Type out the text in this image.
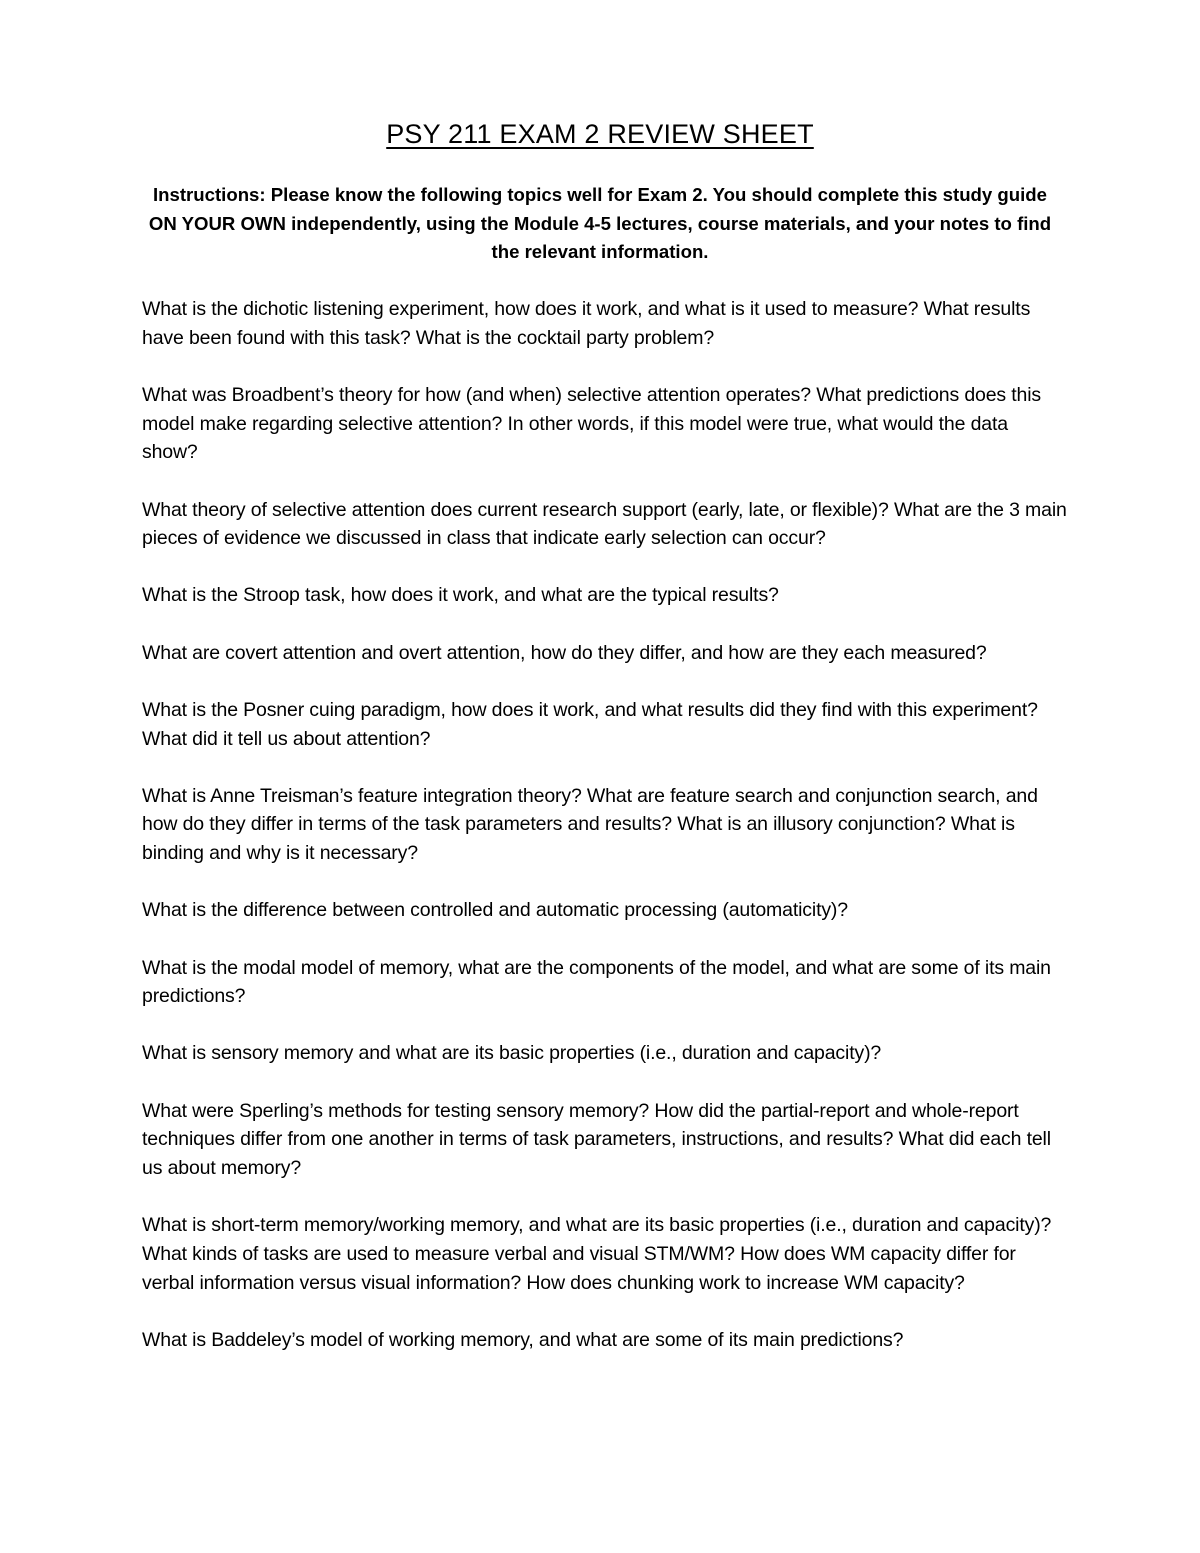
PSY 211 EXAM 2 REVIEW SHEET
Instructions: Please know the following topics well for Exam 2. You should complete this study guide ON YOUR OWN independently, using the Module 4-5 lectures, course materials, and your notes to find the relevant information.

What is the dichotic listening experiment, how does it work, and what is it used to measure? What results have been found with this task? What is the cocktail party problem?

What was Broadbent’s theory for how (and when) selective attention operates? What predictions does this model make regarding selective attention? In other words, if this model were true, what would the data show?

What theory of selective attention does current research support (early, late, or flexible)? What are the 3 main pieces of evidence we discussed in class that indicate early selection can occur?

What is the Stroop task, how does it work, and what are the typical results?

What are covert attention and overt attention, how do they differ, and how are they each measured?

What is the Posner cuing paradigm, how does it work, and what results did they find with this experiment? What did it tell us about attention?

What is Anne Treisman’s feature integration theory? What are feature search and conjunction search, and how do they differ in terms of the task parameters and results? What is an illusory conjunction? What is binding and why is it necessary?

What is the difference between controlled and automatic processing (automaticity)?

What is the modal model of memory, what are the components of the model, and what are some of its main predictions?

What is sensory memory and what are its basic properties (i.e., duration and capacity)?

What were Sperling’s methods for testing sensory memory? How did the partial-report and whole-report techniques differ from one another in terms of task parameters, instructions, and results? What did each tell us about memory?

What is short-term memory/working memory, and what are its basic properties (i.e., duration and capacity)? What kinds of tasks are used to measure verbal and visual STM/WM? How does WM capacity differ for verbal information versus visual information? How does chunking work to increase WM capacity?

What is Baddeley’s model of working memory, and what are some of its main predictions?
